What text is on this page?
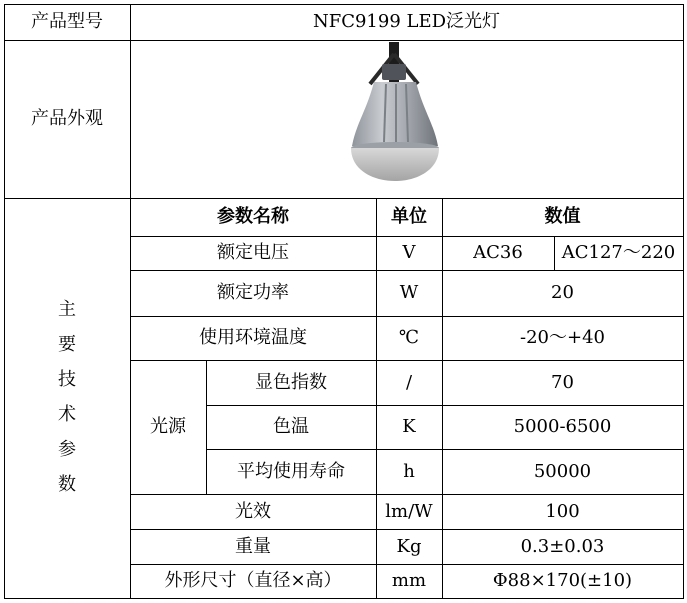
产品型号	NFC9199 LED泛光灯
产品外观
主
要
技
术
参
数
参数名称	单位	数值
额定电压	V	AC36 AC127～220
额定功率	W	20
使用环境温度	℃	-20～+40
光源
显色指数	/	70
色温	K	5000-6500
平均使用寿命	h	50000
光效	lm/W	100
重量	Kg	0.3±0.03
外形尺寸（直径×高）	mm	Φ88×170(±10)
